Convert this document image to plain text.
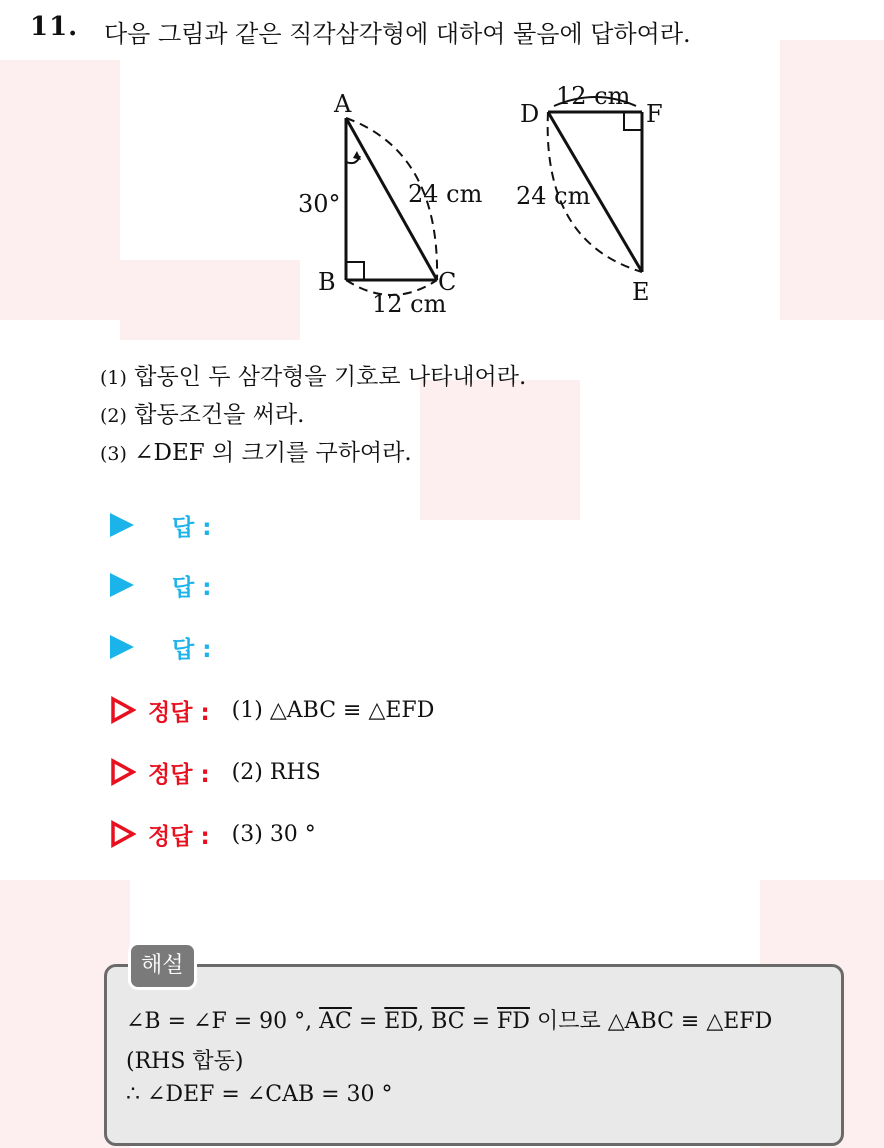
11. 다음 그림과 같은 직각삼각형에 대하여 물음에 답하여라.
A
B	C
30°	24 cm
12 cm
D	F
E
12 cm
24 cm
(1) 합동인 두 삼각형을 기호로 나타내어라.
(2) 합동조건을 써라.
(3) ∠DEF 의 크기를 구하여라.
답 :
답 :
답 :
정답 : (1) △ABC ≡ △EFD
정답 : (2) RHS
정답 : (3) 30 °
해설
∠B = ∠F = 90 °, $\overline{AC} = \overline{ED}$, $\overline{BC} = \overline{FD}$ 이므로 △ABC ≡ △EFD
(RHS 합동)
∴ ∠DEF = ∠CAB = 30 °
